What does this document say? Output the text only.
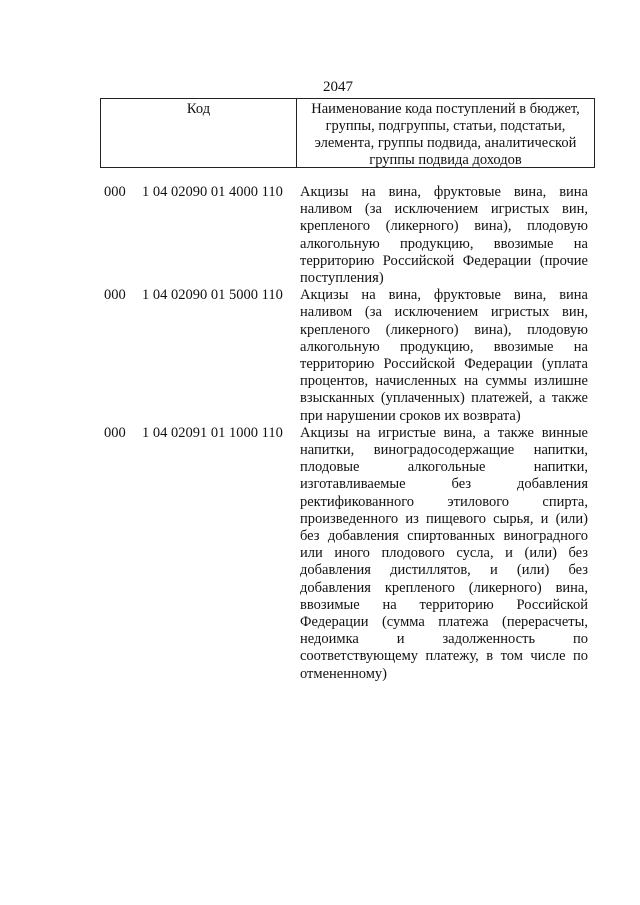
2047
Код	Наименование кода поступлений в бюджет, группы, подгруппы, статьи, подстатьи, элемента, группы подвида, аналитической группы подвида доходов
000 1 04 02090 01 4000 110 Акцизы на вина, фруктовые вина, вина наливом (за исключением игристых вин, крепленого (ликерного) вина), плодовую алкогольную продукцию, ввозимые на территорию Российской Федерации (прочие поступления)
000 1 04 02090 01 5000 110 Акцизы на вина, фруктовые вина, вина наливом (за исключением игристых вин, крепленого (ликерного) вина), плодовую алкогольную продукцию, ввозимые на территорию Российской Федерации (уплата процентов, начисленных на суммы излишне взысканных (уплаченных) платежей, а также при нарушении сроков их возврата)
000 1 04 02091 01 1000 110 Акцизы на игристые вина, а также винные напитки, виноградосодержащие напитки, плодовые алкогольные напитки, изготавливаемые без добавления ректификованного этилового спирта, произведенного из пищевого сырья, и (или) без добавления спиртованных виноградного или иного плодового сусла, и (или) без добавления дистиллятов, и (или) без добавления крепленого (ликерного) вина, ввозимые на территорию Российской Федерации (сумма платежа (перерасчеты, недоимка и задолженность по соответствующему платежу, в том числе по отмененному)
